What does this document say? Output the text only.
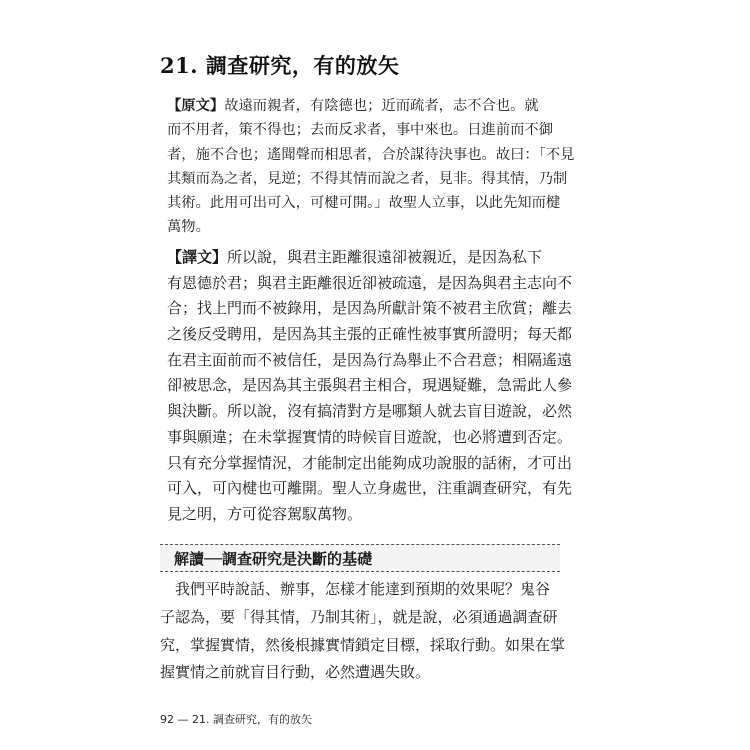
21. 調查研究，有的放矢
【原文】故遠而親者，有陰德也；近而疏者，志不合也。就
而不用者，策不得也；去而反求者，事中來也。日進前而不御
者，施不合也；遙聞聲而相思者，合於謀待決事也。故曰：「不見
其類而為之者，見逆；不得其情而說之者，見非。得其情，乃制
其術。此用可出可入，可楗可開。」故聖人立事，以此先知而楗
萬物。
【譯文】所以說，與君主距離很遠卻被親近，是因為私下
有恩德於君；與君主距離很近卻被疏遠，是因為與君主志向不
合；找上門而不被錄用，是因為所獻計策不被君主欣賞；離去
之後反受聘用，是因為其主張的正確性被事實所證明；每天都
在君主面前而不被信任，是因為行為舉止不合君意；相隔遙遠
卻被思念，是因為其主張與君主相合，現遇疑難，急需此人參
與決斷。所以說，沒有搞清對方是哪類人就去盲目遊說，必然
事與願違；在未掌握實情的時候盲目遊說，也必將遭到否定。
只有充分掌握情況，才能制定出能夠成功說服的話術，才可出
可入，可內楗也可離開。聖人立身處世，注重調查研究，有先
見之明，方可從容駕馭萬物。
解讀──調查研究是決斷的基礎
　我們平時說話、辦事，怎樣才能達到預期的效果呢？鬼谷
子認為，要「得其情，乃制其術」，就是說，必須通過調查研
究，掌握實情，然後根據實情鎖定目標，採取行動。如果在掌
握實情之前就盲目行動，必然遭遇失敗。
92 — 21. 調查研究，有的放矢
